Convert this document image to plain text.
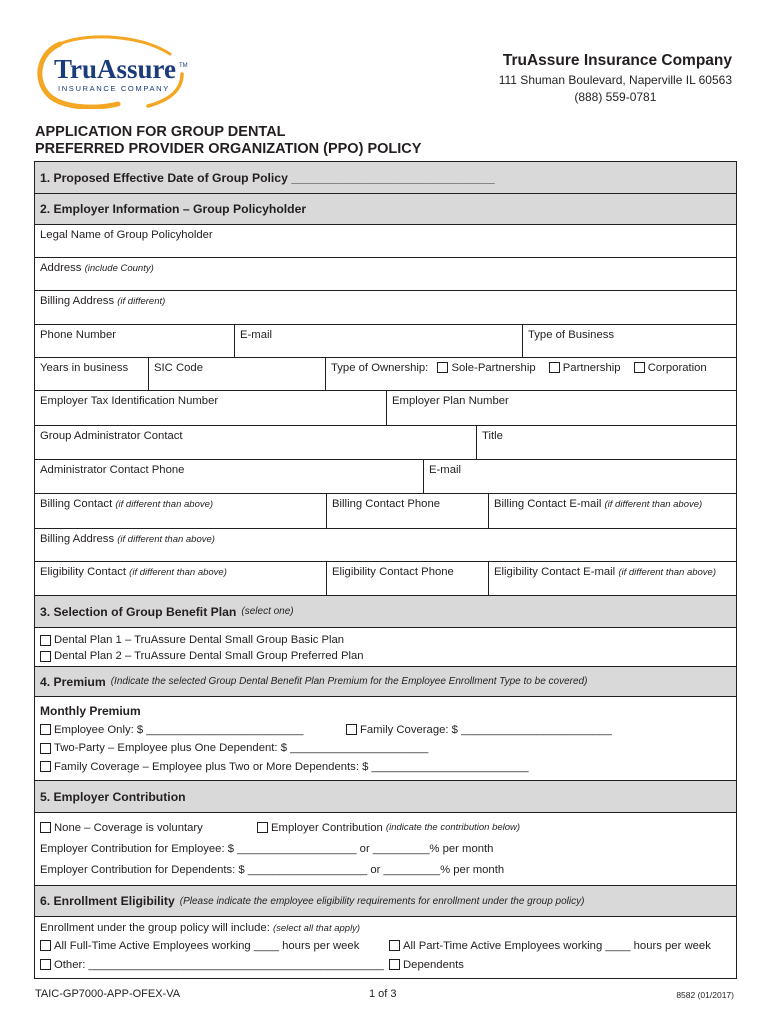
TruAssure TM
INSURANCE COMPANY
TruAssure Insurance Company
111 Shuman Boulevard, Naperville IL 60563
(888) 559-0781
APPLICATION FOR GROUP DENTAL
PREFERRED PROVIDER ORGANIZATION (PPO) POLICY
1. Proposed Effective Date of Group Policy ______________________________
2. Employer Information – Group Policyholder
Legal Name of Group Policyholder
Address (include County)
Billing Address (if different)
Phone Number	E-mail	Type of Business
Years in business	SIC Code	Type of Ownership: Sole-Partnership Partnership Corporation
Employer Tax Identification Number	Employer Plan Number
Group Administrator Contact	Title
Administrator Contact Phone	E-mail
Billing Contact (if different than above)	Billing Contact Phone	Billing Contact E-mail (if different than above)
Billing Address (if different than above)
Eligibility Contact (if different than above)	Eligibility Contact Phone	Eligibility Contact E-mail (if different than above)
3. Selection of Group Benefit Plan (select one)
Dental Plan 1 – TruAssure Dental Small Group Basic Plan
Dental Plan 2 – TruAssure Dental Small Group Preferred Plan
4. Premium (Indicate the selected Group Dental Benefit Plan Premium for the Employee Enrollment Type to be covered)
Monthly Premium
Employee Only: $ _________________________	Family Coverage: $ ________________________
Two-Party – Employee plus One Dependent: $ ______________________
Family Coverage – Employee plus Two or More Dependents: $ _________________________
5. Employer Contribution
None – Coverage is voluntary	Employer Contribution
(indicate the contribution below)
Employer Contribution for Employee: $ ___________________ or _________% per month
Employer Contribution for Dependents: $ ___________________ or _________% per month
6. Enrollment Eligibility (Please indicate the employee eligibility requirements for enrollment under the group policy)
Enrollment under the group policy will include:
(select all that apply)
All Full-Time Active Employees working ____ hours per week	All Part-Time Active Employees working ____ hours per week
Other: _______________________________________________	Dependents
TAIC-GP7000-APP-OFEX-VA	1 of 3	8582 (01/2017)
